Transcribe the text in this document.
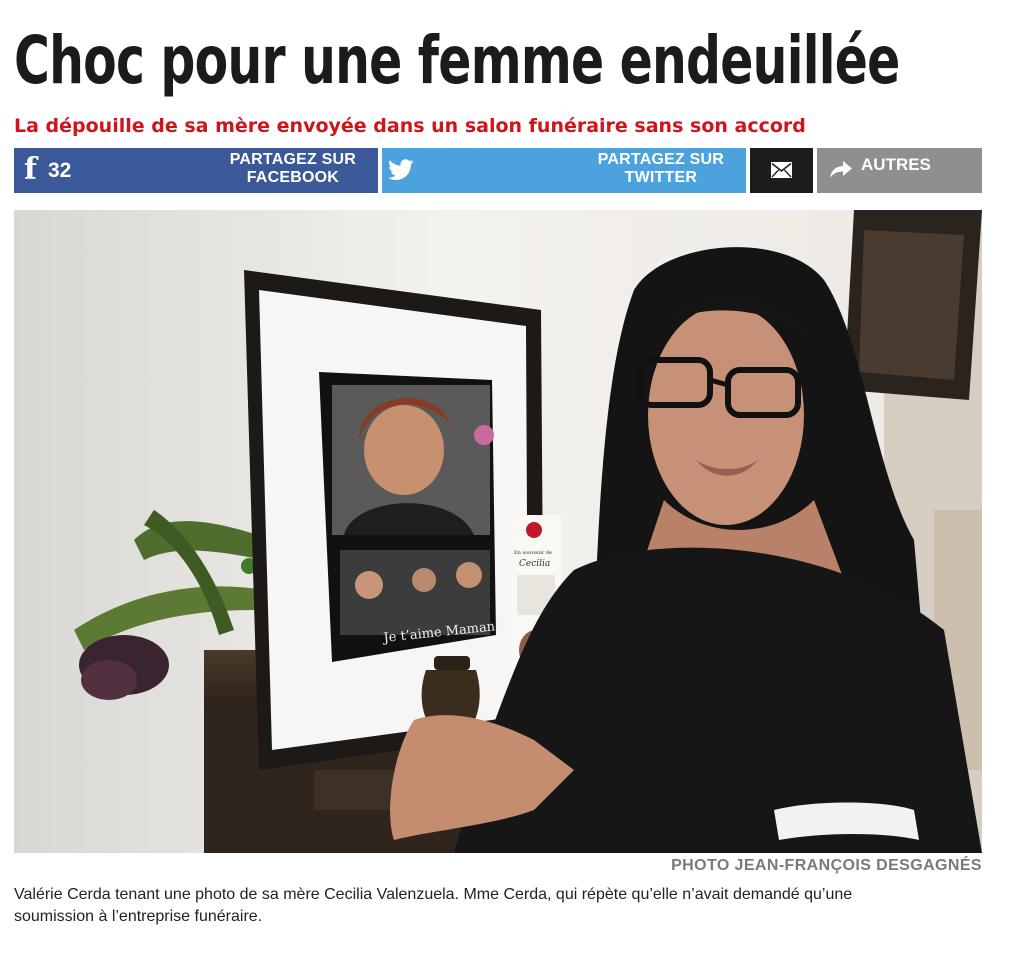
Choc pour une femme endeuillée
La dépouille de sa mère envoyée dans un salon funéraire sans son accord
f 32	PARTAGEZ SUR
FACEBOOK
PARTAGEZ SUR
TWITTER
AUTRES
Je t’aime Maman !
En souvenir de
Cecilia
PHOTO JEAN-FRANÇOIS DESGAGNÉS

Valérie Cerda tenant une photo de sa mère Cecilia Valenzuela. Mme Cerda, qui répète qu’elle n’avait demandé qu’une soumission à l’entreprise funéraire.
